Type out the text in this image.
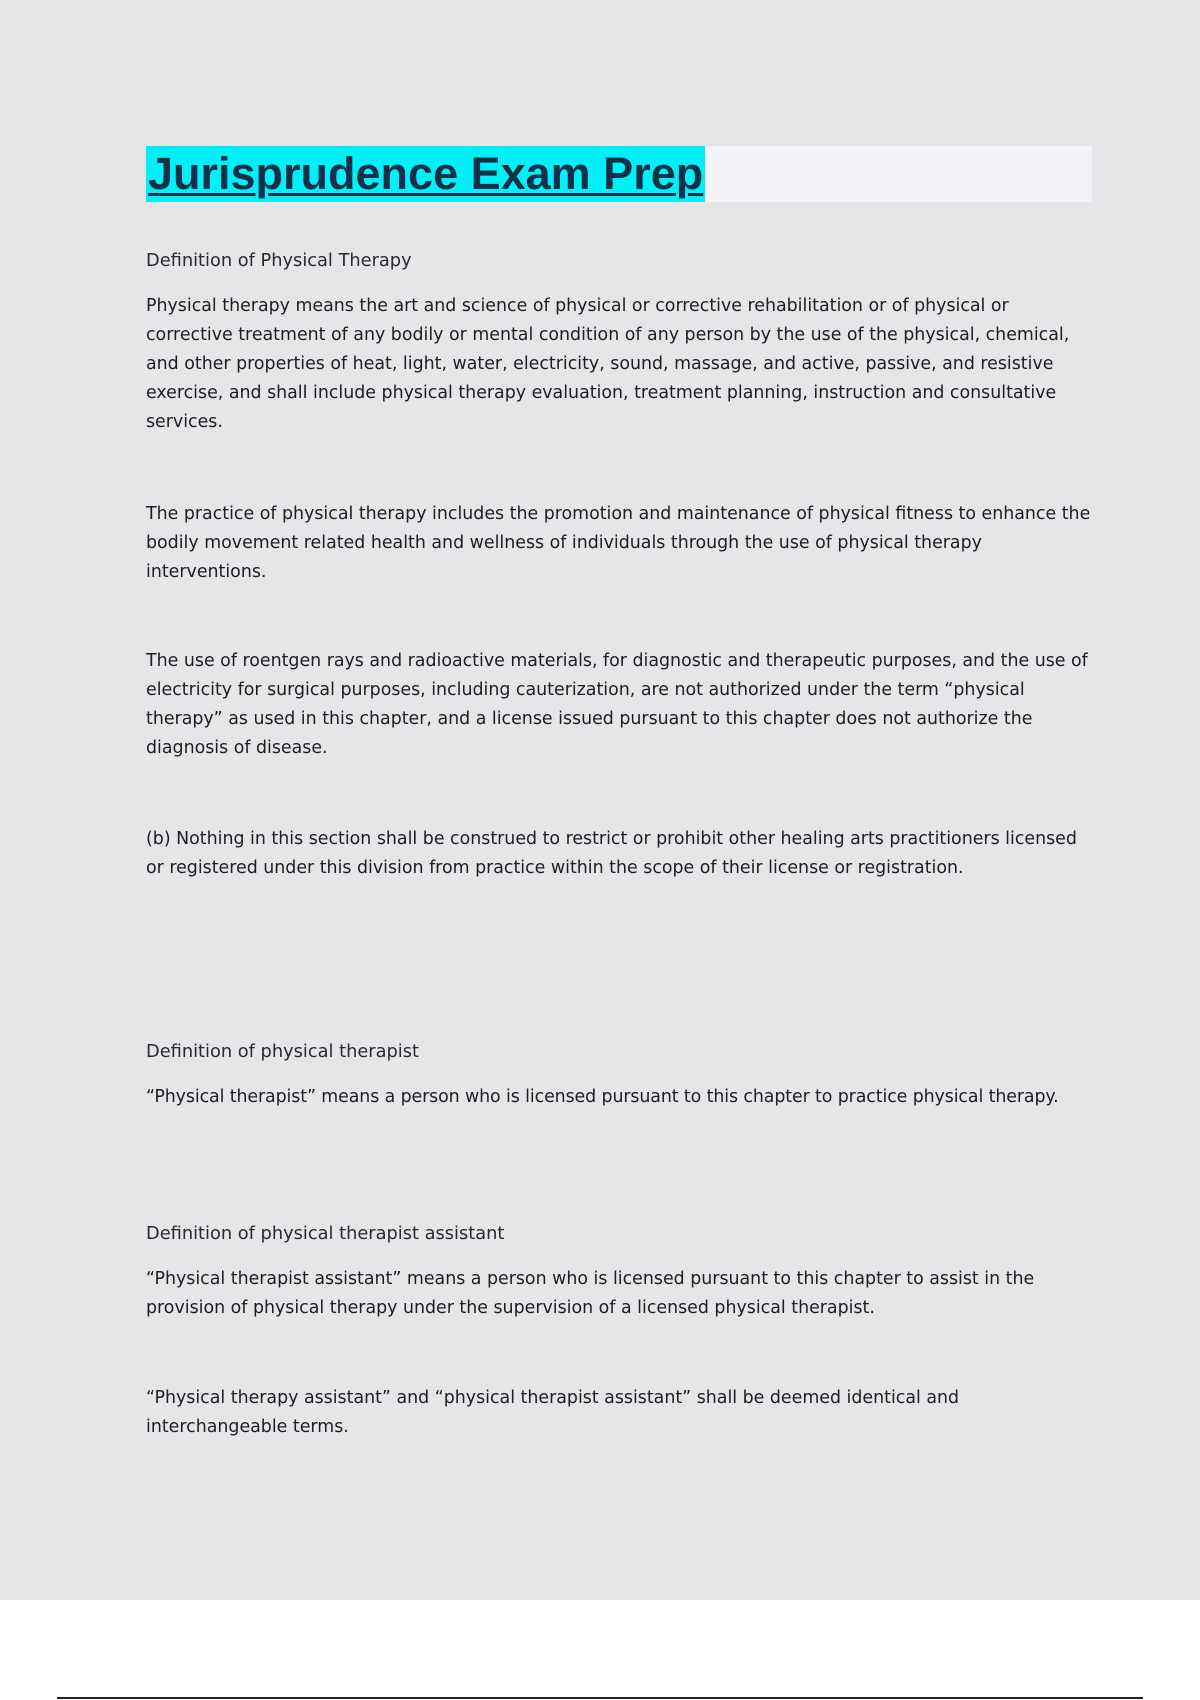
Jurisprudence Exam Prep

Definition of Physical Therapy

Physical therapy means the art and science of physical or corrective rehabilitation or of physical or corrective treatment of any bodily or mental condition of any person by the use of the physical, chemical, and other properties of heat, light, water, electricity, sound, massage, and active, passive, and resistive exercise, and shall include physical therapy evaluation, treatment planning, instruction and consultative services.

The practice of physical therapy includes the promotion and maintenance of physical fitness to enhance the bodily movement related health and wellness of individuals through the use of physical therapy interventions.

The use of roentgen rays and radioactive materials, for diagnostic and therapeutic purposes, and the use of electricity for surgical purposes, including cauterization, are not authorized under the term “physical therapy” as used in this chapter, and a license issued pursuant to this chapter does not authorize the diagnosis of disease.

(b) Nothing in this section shall be construed to restrict or prohibit other healing arts practitioners licensed or registered under this division from practice within the scope of their license or registration.

Definition of physical therapist

“Physical therapist” means a person who is licensed pursuant to this chapter to practice physical therapy.

Definition of physical therapist assistant

“Physical therapist assistant” means a person who is licensed pursuant to this chapter to assist in the provision of physical therapy under the supervision of a licensed physical therapist.

“Physical therapy assistant” and “physical therapist assistant” shall be deemed identical and interchangeable terms.
